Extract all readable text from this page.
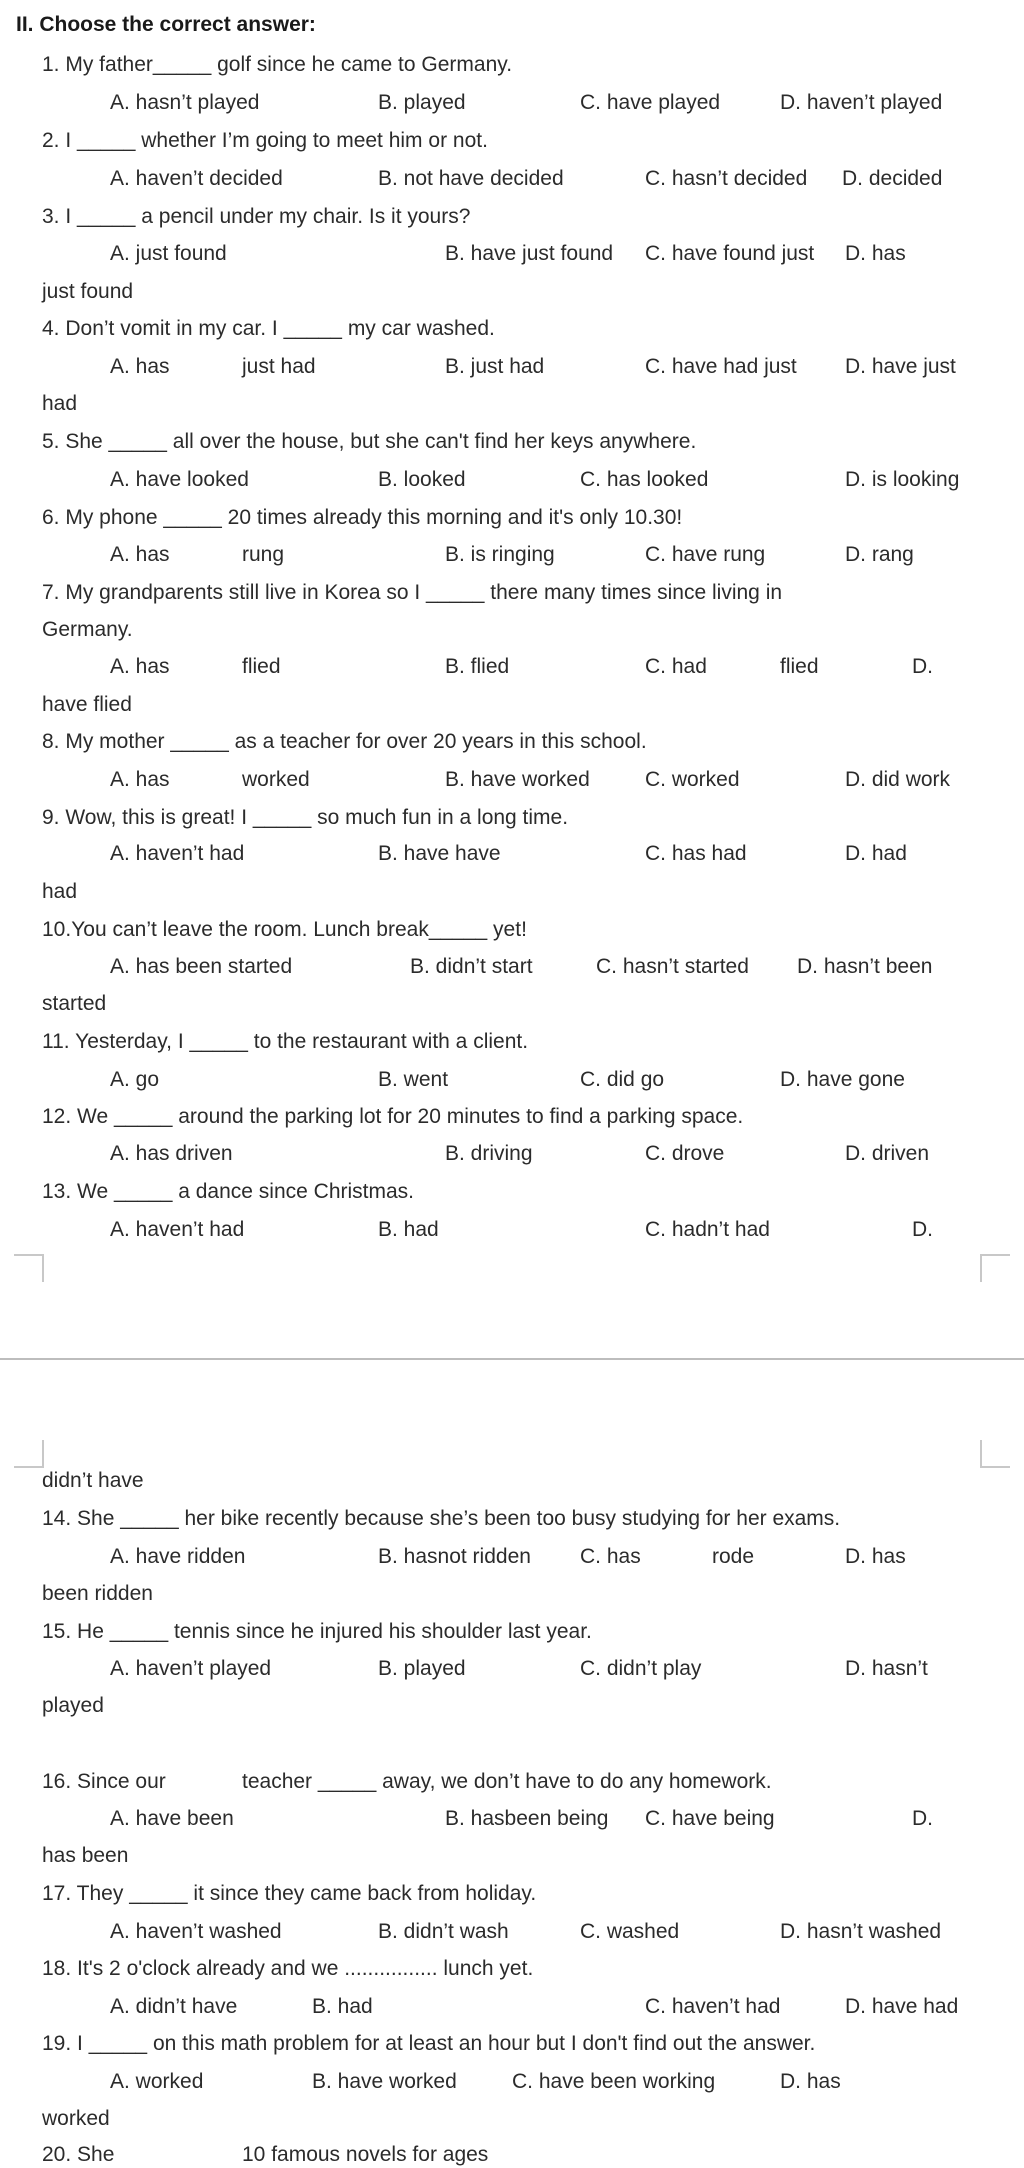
II. Choose the correct answer:
1. My father_____ golf since he came to Germany.
A. hasn’t played	B. played	C. have played	D. haven’t played
2. I _____ whether I’m going to meet him or not.
A. haven’t decided	B. not have decided	C. hasn’t decided D. decided
3. I _____ a pencil under my chair. Is it yours?
A. just found	B. have just found C. have found just D. has
just found
4. Don’t vomit in my car. I _____ my car washed.
A. has	just had	B. just had	C. have had just D. have just
had
5. She _____ all over the house, but she can't find her keys anywhere.
A. have looked	B. looked	C. has looked	D. is looking
6. My phone _____ 20 times already this morning and it's only 10.30!
A. has	rung	B. is ringing	C. have rung	D. rang
7. My grandparents still live in Korea so I _____ there many times since living in
Germany.
A. has	flied	B. flied	C. had	flied	D.
have flied
8. My mother _____ as a teacher for over 20 years in this school.
A. has	worked	B. have worked	C. worked	D. did work
9. Wow, this is great! I _____ so much fun in a long time.
A. haven’t had	B. have have	C. has had	D. had
had
10.You can’t leave the room. Lunch break_____ yet!
A. has been started	B. didn’t start	C. hasn’t started D. hasn’t been
started
11. Yesterday, I _____ to the restaurant with a client.
A. go	B. went	C. did go	D. have gone
12. We _____ around the parking lot for 20 minutes to find a parking space.
A. has driven	B. driving	C. drove	D. driven
13. We _____ a dance since Christmas.
A. haven’t had	B. had	C. hadn’t had	D.
didn’t have
14. She _____ her bike recently because she’s been too busy studying for her exams.
A. have ridden	B. hasnot ridden C. has	rode	D. has
been ridden
15. He _____ tennis since he injured his shoulder last year.
A. haven’t played	B. played	C. didn’t play	D. hasn’t
played
16. Since our	teacher _____ away, we don’t have to do any homework.
A. have been	B. hasbeen being C. have being	D.
has been
17. They _____ it since they came back from holiday.
A. haven’t washed	B. didn’t wash	C. washed	D. hasn’t washed
18. It's 2 o'clock already and we ................ lunch yet.
A. didn’t have	B. had	C. haven’t had	D. have had
19. I _____ on this math problem for at least an hour but I don't find out the answer.
A. worked	B. have worked	C. have been working	D. has
worked
20. She	10 famous novels for ages
